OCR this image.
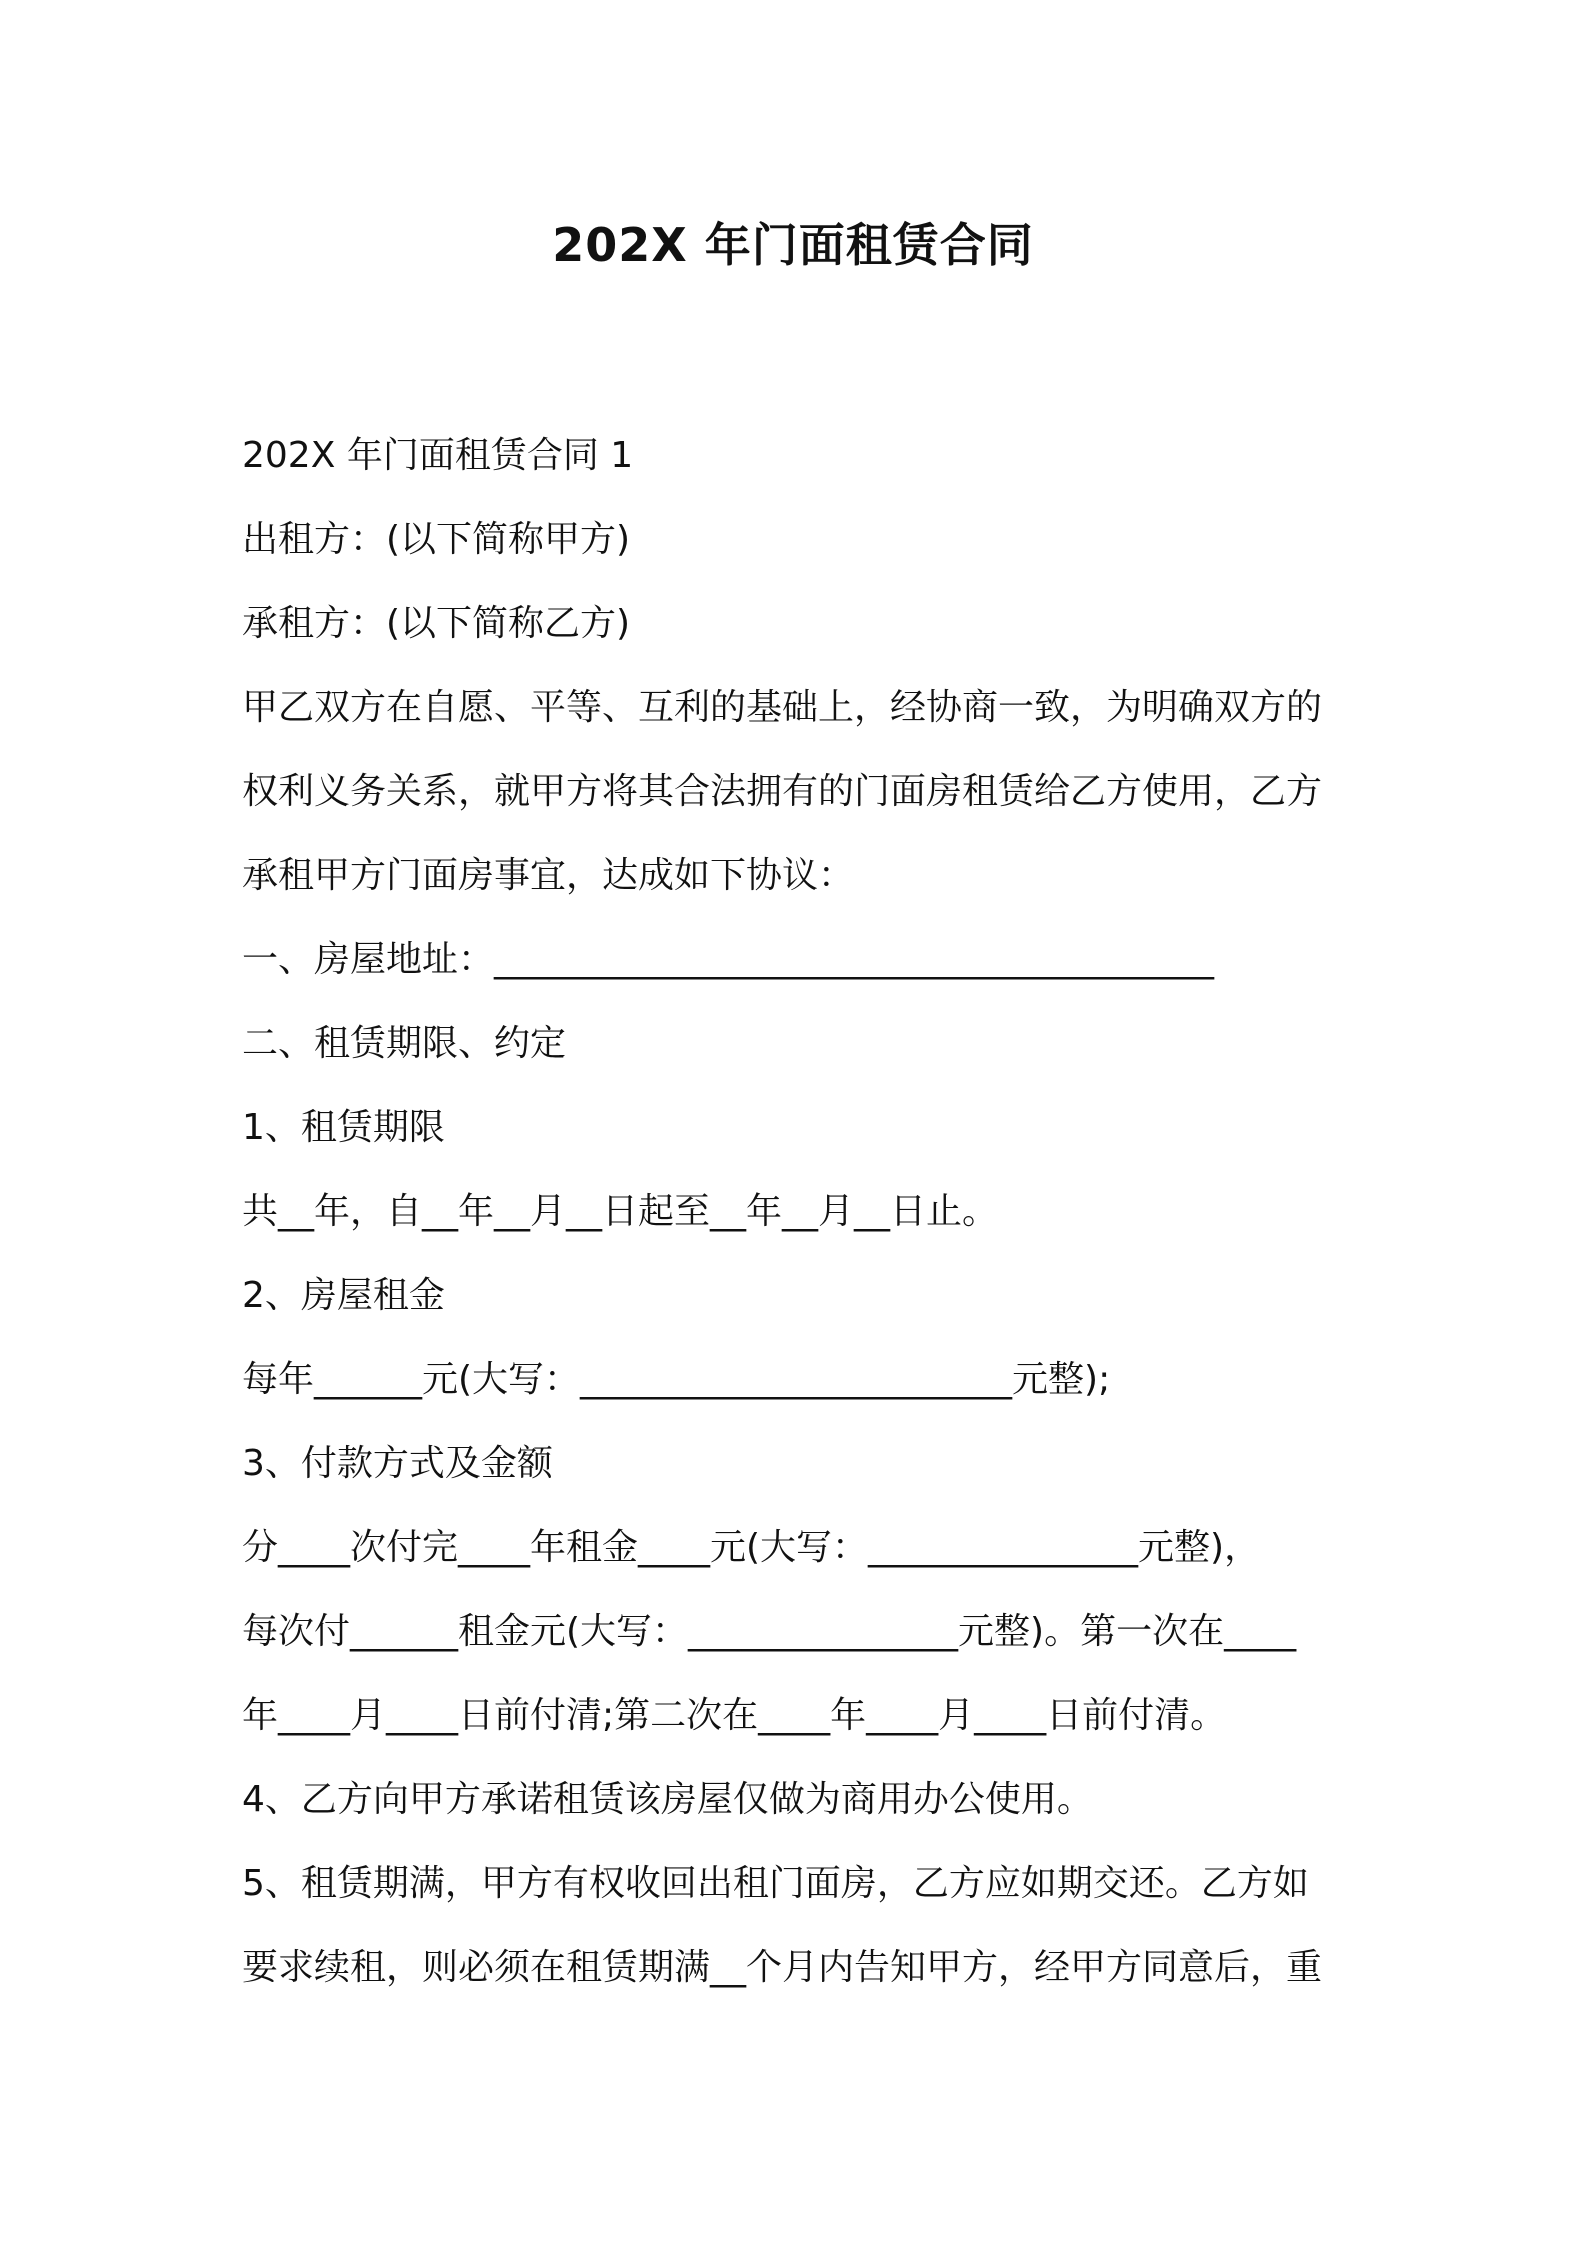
202X 年门面租赁合同
202X 年门面租赁合同 1
出租方：(以下简称甲方)
承租方：(以下简称乙方)
甲乙双方在自愿、平等、互利的基础上，经协商一致，为明确双方的
权利义务关系，就甲方将其合法拥有的门面房租赁给乙方使用，乙方
承租甲方门面房事宜，达成如下协议：
一、房屋地址：________________________________________
二、租赁期限、约定
1、租赁期限
共__年，自__年__月__日起至__年__月__日止。
2、房屋租金
每年______元(大写：________________________元整);
3、付款方式及金额
分____次付完____年租金____元(大写：_______________元整)，
每次付______租金元(大写：_______________元整)。第一次在____
年____月____日前付清;第二次在____年____月____日前付清。
4、乙方向甲方承诺租赁该房屋仅做为商用办公使用。
5、租赁期满，甲方有权收回出租门面房，乙方应如期交还。乙方如
要求续租，则必须在租赁期满__个月内告知甲方，经甲方同意后，重
